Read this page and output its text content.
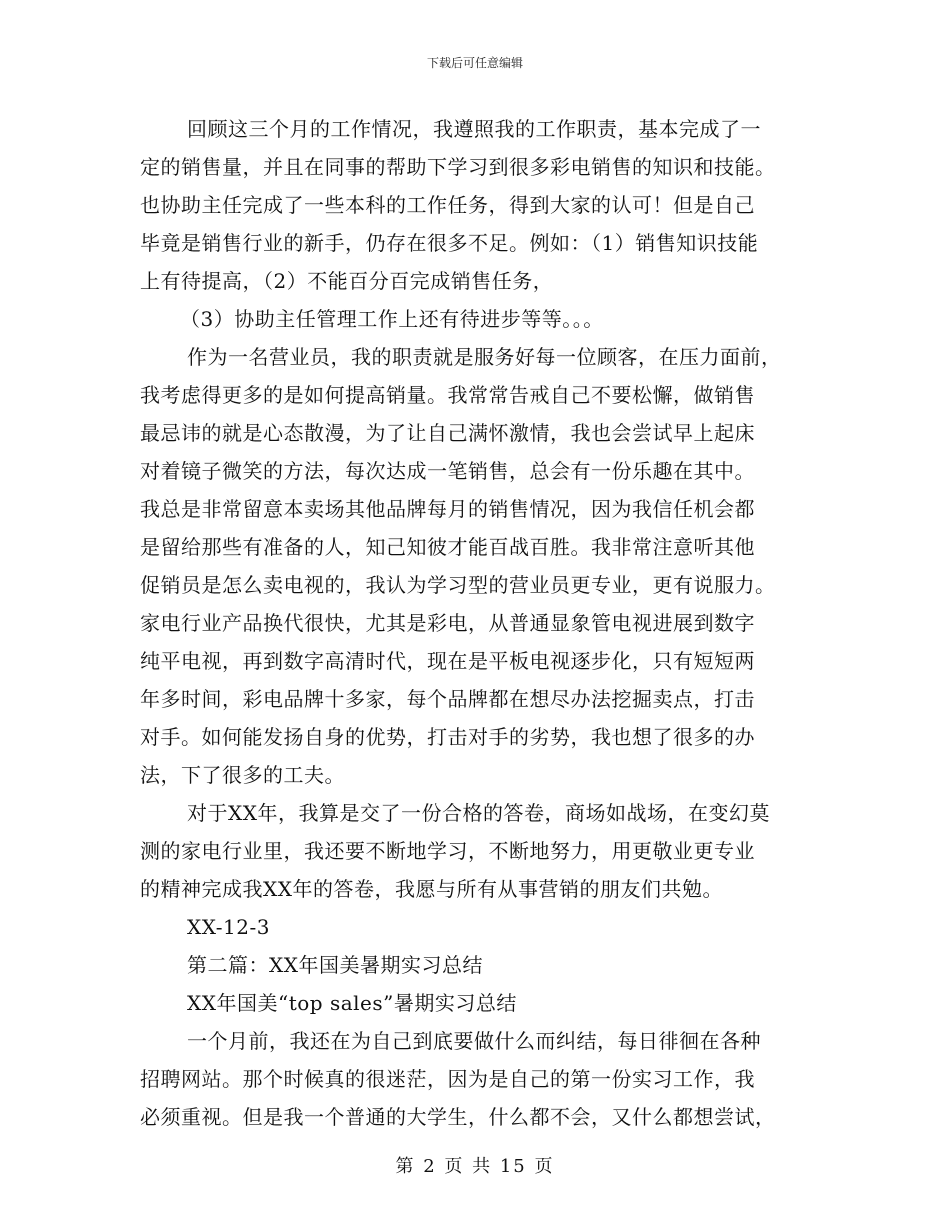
下载后可任意编辑
回顾这三个月的工作情况，我遵照我的工作职责，基本完成了一
定的销售量，并且在同事的帮助下学习到很多彩电销售的知识和技能。
也协助主任完成了一些本科的工作任务，得到大家的认可！但是自己
毕竟是销售行业的新手，仍存在很多不足。例如：（1）销售知识技能
上有待提高，（2）不能百分百完成销售任务，
（3）协助主任管理工作上还有待进步等等。。。
作为一名营业员，我的职责就是服务好每一位顾客，在压力面前，
我考虑得更多的是如何提高销量。我常常告戒自己不要松懈，做销售
最忌讳的就是心态散漫，为了让自己满怀激情，我也会尝试早上起床
对着镜子微笑的方法，每次达成一笔销售，总会有一份乐趣在其中。
我总是非常留意本卖场其他品牌每月的销售情况，因为我信任机会都
是留给那些有准备的人，知己知彼才能百战百胜。我非常注意听其他
促销员是怎么卖电视的，我认为学习型的营业员更专业，更有说服力。
家电行业产品换代很快，尤其是彩电，从普通显象管电视进展到数字
纯平电视，再到数字高清时代，现在是平板电视逐步化，只有短短两
年多时间，彩电品牌十多家，每个品牌都在想尽办法挖掘卖点，打击
对手。如何能发扬自身的优势，打击对手的劣势，我也想了很多的办
法，下了很多的工夫。
对于XX年，我算是交了一份合格的答卷，商场如战场，在变幻莫
测的家电行业里，我还要不断地学习，不断地努力，用更敬业更专业
的精神完成我XX年的答卷，我愿与所有从事营销的朋友们共勉。
XX-12-3
第二篇：XX年国美暑期实习总结
XX年国美“top sales”暑期实习总结
一个月前，我还在为自己到底要做什么而纠结，每日徘徊在各种
招聘网站。那个时候真的很迷茫，因为是自己的第一份实习工作，我
必须重视。但是我一个普通的大学生，什么都不会，又什么都想尝试，
第 2 页 共 15 页
